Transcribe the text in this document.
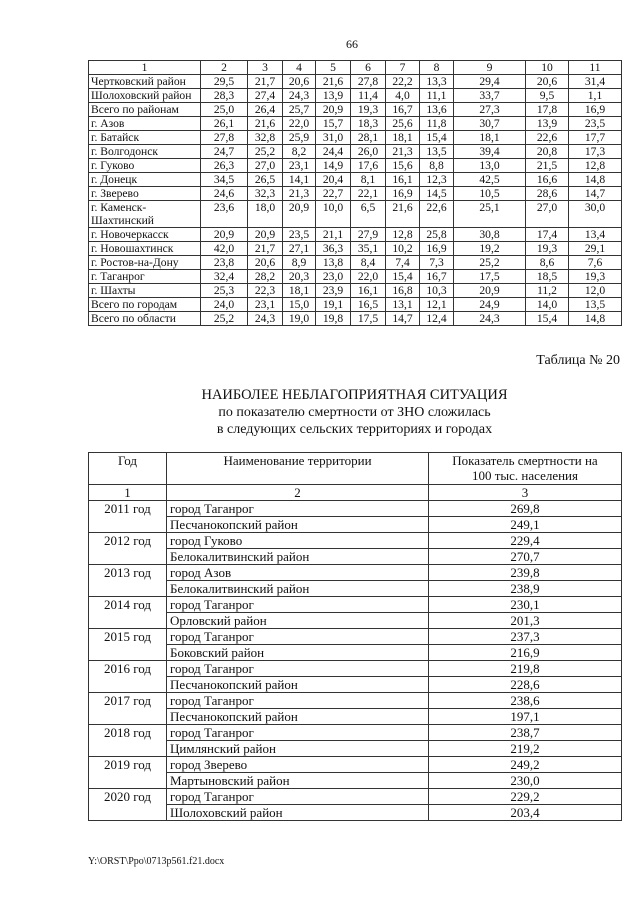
66
1	2	3	4	5	6	7	8	9	10	11
Чертковский район	29,5	21,7	20,6	21,6	27,8	22,2	13,3	29,4	20,6	31,4
Шолоховский район	28,3	27,4	24,3	13,9	11,4	4,0	11,1	33,7	9,5	1,1
Всего по районам	25,0	26,4	25,7	20,9	19,3	16,7	13,6	27,3	17,8	16,9
г. Азов	26,1	21,6	22,0	15,7	18,3	25,6	11,8	30,7	13,9	23,5
г. Батайск	27,8	32,8	25,9	31,0	28,1	18,1	15,4	18,1	22,6	17,7
г. Волгодонск	24,7	25,2	8,2	24,4	26,0	21,3	13,5	39,4	20,8	17,3
г. Гуково	26,3	27,0	23,1	14,9	17,6	15,6	8,8	13,0	21,5	12,8
г. Донецк	34,5	26,5	14,1	20,4	8,1	16,1	12,3	42,5	16,6	14,8
г. Зверево	24,6	32,3	21,3	22,7	22,1	16,9	14,5	10,5	28,6	14,7
г. Каменск-Шахтинский	23,6	18,0	20,9	10,0	6,5	21,6	22,6	25,1	27,0	30,0
г. Новочеркасск	20,9	20,9	23,5	21,1	27,9	12,8	25,8	30,8	17,4	13,4
г. Новошахтинск	42,0	21,7	27,1	36,3	35,1	10,2	16,9	19,2	19,3	29,1
г. Ростов-на-Дону	23,8	20,6	8,9	13,8	8,4	7,4	7,3	25,2	8,6	7,6
г. Таганрог	32,4	28,2	20,3	23,0	22,0	15,4	16,7	17,5	18,5	19,3
г. Шахты	25,3	22,3	18,1	23,9	16,1	16,8	10,3	20,9	11,2	12,0
Всего по городам	24,0	23,1	15,0	19,1	16,5	13,1	12,1	24,9	14,0	13,5
Всего по области	25,2	24,3	19,0	19,8	17,5	14,7	12,4	24,3	15,4	14,8
Таблица № 20
НАИБОЛЕЕ НЕБЛАГОПРИЯТНАЯ СИТУАЦИЯ
по показателю смертности от ЗНО сложилась
в следующих сельских территориях и городах
Год	Наименование территории	Показатель смертности на 100 тыс. населения
1	2	3
2011 год	город Таганрог	269,8
	Песчанокопский район	249,1
2012 год	город Гуково	229,4
	Белокалитвинский район	270,7
2013 год	город Азов	239,8
	Белокалитвинский район	238,9
2014 год	город Таганрог	230,1
	Орловский район	201,3
2015 год	город Таганрог	237,3
	Боковский район	216,9
2016 год	город Таганрог	219,8
	Песчанокопский район	228,6
2017 год	город Таганрог	238,6
	Песчанокопский район	197,1
2018 год	город Таганрог	238,7
	Цимлянский район	219,2
2019 год	город Зверево	249,2
	Мартыновский район	230,0
2020 год	город Таганрог	229,2
	Шолоховский район	203,4
Y:\ORST\Ppo\0713p561.f21.docx
